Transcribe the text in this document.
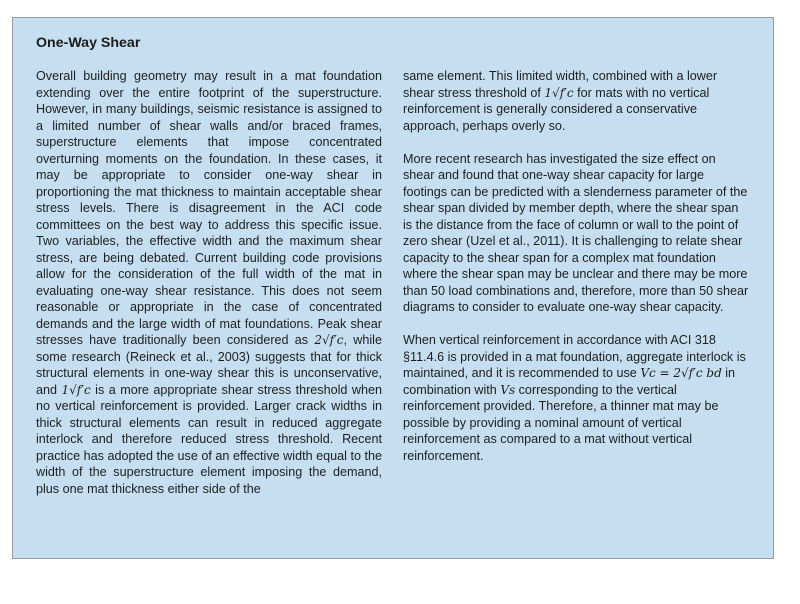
One-Way Shear

Overall building geometry may result in a mat foundation extending over the entire footprint of the superstructure. However, in many buildings, seismic resistance is assigned to a limited number of shear walls and/or braced frames, superstructure elements that impose concentrated overturning moments on the foundation. In these cases, it may be appropriate to consider one-way shear in proportioning the mat thickness to maintain acceptable shear stress levels. There is disagreement in the ACI code committees on the best way to address this specific issue. Two variables, the effective width and the maximum shear stress, are being debated. Current building code provisions allow for the consideration of the full width of the mat in evaluating one-way shear resistance. This does not seem reasonable or appropriate in the case of concentrated demands and the large width of mat foundations. Peak shear stresses have traditionally been considered as 2√f′c, while some research (Reineck et al., 2003) suggests that for thick structural elements in one-way shear this is unconservative, and 1√f′c is a more appropriate shear stress threshold when no vertical reinforcement is provided. Larger crack widths in thick structural elements can result in reduced aggregate interlock and therefore reduced stress threshold. Recent practice has adopted the use of an effective width equal to the width of the superstructure element imposing the demand, plus one mat thickness either side of the

same element. This limited width, combined with a lower shear stress threshold of 1√f′c for mats with no vertical reinforcement is generally considered a conservative approach, perhaps overly so.

More recent research has investigated the size effect on shear and found that one-way shear capacity for large footings can be predicted with a slenderness parameter of the shear span divided by member depth, where the shear span is the distance from the face of column or wall to the point of zero shear (Uzel et al., 2011). It is challenging to relate shear capacity to the shear span for a complex mat foundation where the shear span may be unclear and there may be more than 50 load combinations and, therefore, more than 50 shear diagrams to consider to evaluate one-way shear capacity.

When vertical reinforcement in accordance with ACI 318 §11.4.6 is provided in a mat foundation, aggregate interlock is maintained, and it is recommended to use Vc = 2√f′c bd in combination with Vs corresponding to the vertical reinforcement provided. Therefore, a thinner mat may be possible by providing a nominal amount of vertical reinforcement as compared to a mat without vertical reinforcement.
